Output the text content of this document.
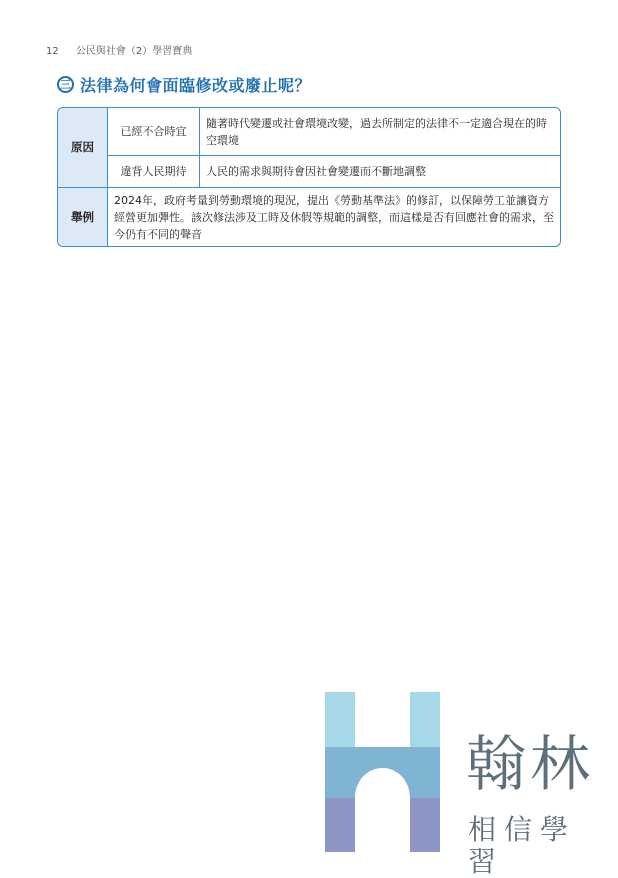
12 公民與社會（2）學習寶典
三 法律為何會面臨修改或廢止呢？
原因
已經不合時宜
隨著時代變遷或社會環境改變，過去所制定的法律不一定適合現在的時空環境
違背人民期待	人民的需求與期待會因社會變遷而不斷地調整
舉例
2024年，政府考量到勞動環境的現況，提出《勞動基準法》的修訂，以保障勞工並讓資方經營更加彈性。該次修法涉及工時及休假等規範的調整，而這樣是否有回應社會的需求，至今仍有不同的聲音
翰林
相信學習
